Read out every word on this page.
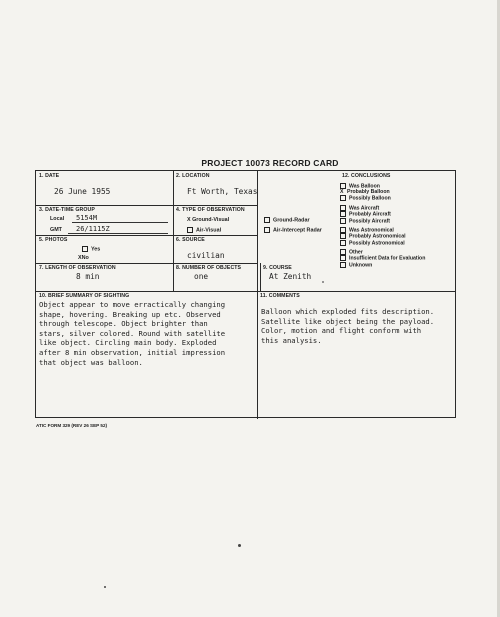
PROJECT 10073 RECORD CARD
1. DATE
26 June 1955
2. LOCATION
Ft Worth, Texas
3. DATE-TIME GROUP
Local 5154M
GMT 26/1115Z
4. TYPE OF OBSERVATION
X Ground-Visual	Ground-Radar
Air-Visual	Air-Intercept Radar
5. PHOTOS
Yes
XNo
6. SOURCE
civilian
7. LENGTH OF OBSERVATION
8 min
8. NUMBER OF OBJECTS
one
9. COURSE
At Zenith
12. CONCLUSIONS
Was Balloon
X Probably Balloon
Possibly Balloon
Was Aircraft
Probably Aircraft
Possibly Aircraft
Was Astronomical
Probably Astronomical
Possibly Astronomical
Other
Insufficient Data for Evaluation
Unknown
10. BRIEF SUMMARY OF SIGHTING
Object appear to move erractically changing
shape, hovering. Breaking up etc. Observed
through telescope. Object brighter than
stars, silver colored. Round with satellite
like object. Circling main body. Exploded
after 8 min observation, initial impression
that object was balloon.
11. COMMENTS
Balloon which exploded fits description.
Satellite like object being the payload.
Color, motion and flight conform with
this analysis.
ATIC FORM 329 (REV 26 SEP 52)
